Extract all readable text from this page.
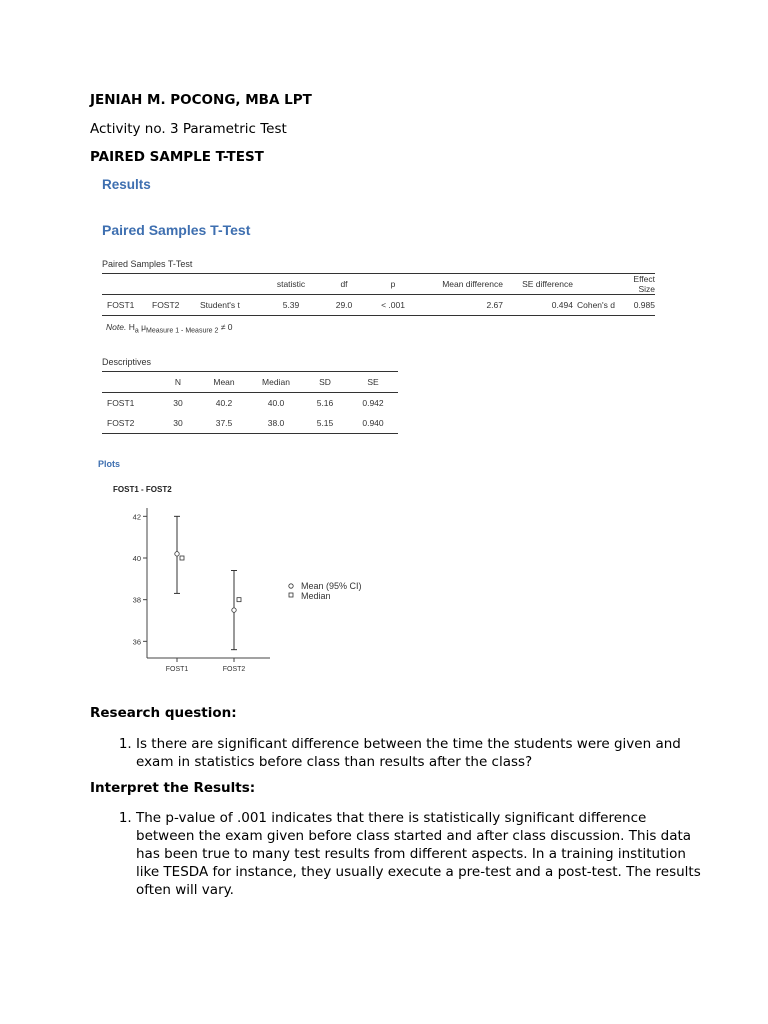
JENIAH M. POCONG, MBA LPT
Activity no. 3 Parametric Test
PAIRED SAMPLE T-TEST
Results
Paired Samples T-Test
Paired Samples T-Test
			statistic	df	p	Mean difference	SE difference		Effect Size
FOST1	FOST2	Student's t	5.39	29.0	< .001	2.67	0.494	Cohen's d	0.985
Note. $H_a$ $\mu_{Measure 1 - Measure 2} \ne 0$
Descriptives
	N	Mean	Median	SD	SE
FOST1	30	40.2	40.0	5.16	0.942
FOST2	30	37.5	38.0	5.15	0.940
Plots
FOST1 - FOST2
36
38
40
42
FOST1	FOST2
Mean (95% CI)
Median
Research question:
1. Is there are significant difference between the time the students were given and exam in statistics before class than results after the class?
Interpret the Results:
1. The p-value of .001 indicates that there is statistically significant difference between the exam given before class started and after class discussion. This data has been true to many test results from different aspects. In a training institution like TESDA for instance, they usually execute a pre-test and a post-test. The results often will vary.
